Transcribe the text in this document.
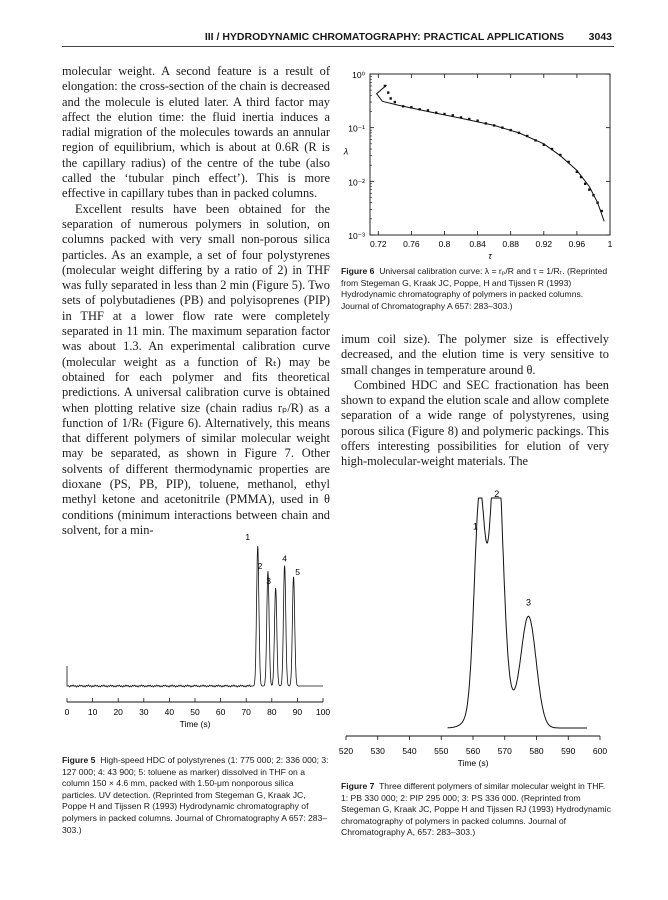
III / HYDRODYNAMIC CHROMATOGRAPHY: PRACTICAL APPLICATIONS 3043

molecular weight. A second feature is a result of elongation: the cross-section of the chain is decreased and the molecule is eluted later. A third factor may affect the elution time: the fluid inertia induces a radial migration of the molecules towards an annular region of equilibrium, which is about at 0.6R (R is the capillary radius) of the centre of the tube (also called the ‘tubular pinch effect’). This is more effective in capillary tubes than in packed columns.

Excellent results have been obtained for the separation of numerous polymers in solution, on columns packed with very small non-porous silica particles. As an example, a set of four polystyrenes (molecular weight differing by a ratio of 2) in THF was fully separated in less than 2 min (Figure 5). Two sets of polybutadienes (PB) and polyisoprenes (PIP) in THF at a lower flow rate were completely separated in 11 min. The maximum separation factor was about 1.3. An experimental calibration curve (molecular weight as a function of Rₜ) may be obtained for each polymer and fits theoretical predictions. A universal calibration curve is obtained when plotting relative size (chain radius rₚ/R) as a function of 1/Rₜ (Figure 6). Alternatively, this means that different polymers of similar molecular weight may be separated, as shown in Figure 7. Other solvents of different thermodynamic properties are dioxane (PS, PB, PIP), toluene, methanol, ethyl methyl ketone and acetonitrile (PMMA), used in θ conditions (minimum interactions between chain and solvent, for a min-

imum coil size). The polymer size is effectively decreased, and the elution time is very sensitive to small changes in temperature around θ.

Combined HDC and SEC fractionation has been shown to expand the elution scale and allow complete separation of a wide range of polystyrenes, using porous silica (Figure 8) and polymeric packings. This offers interesting possibilities for elution of very high-molecular-weight materials. The

0.72 0.76 0.8 0.84 0.88 0.92 0.96	1
10⁰
10⁻¹
10⁻²
10⁻³
τ
λ
Figure 6 Universal calibration curve: λ = rₚ/R and τ = 1/Rₜ. (Reprinted from Stegeman G, Kraak JC, Poppe, H and Tijssen R (1993) Hydrodynamic chromatography of polymers in packed columns. Journal of Chromatography A 657: 283–303.)
0 10 20 30 40 50 60 70 80 90 100
Time (s)
1
2
3
4
5
Figure 5 High-speed HDC of polystyrenes (1: 775 000; 2: 336 000; 3: 127 000; 4: 43 900; 5: toluene as marker) dissolved in THF on a column 150 × 4.6 mm, packed with 1.50-μm nonporous silica particles. UV detection. (Reprinted from Stegeman G, Kraak JC, Poppe H and Tijssen R (1993) Hydrodynamic chromatography of polymers in packed columns. Journal of Chromatography A 657: 283–303.)
520 530 540 550 560 570 580 590 600
Time (s)
1
2
3
Figure 7 Three different polymers of similar molecular weight in THF. 1: PB 330 000; 2: PIP 295 000; 3: PS 336 000. (Reprinted from Stegeman G, Kraak JC, Poppe H and Tijssen RJ (1993) Hydrodynamic chromatography of polymers in packed columns. Journal of Chromatography A, 657: 283–303.)
